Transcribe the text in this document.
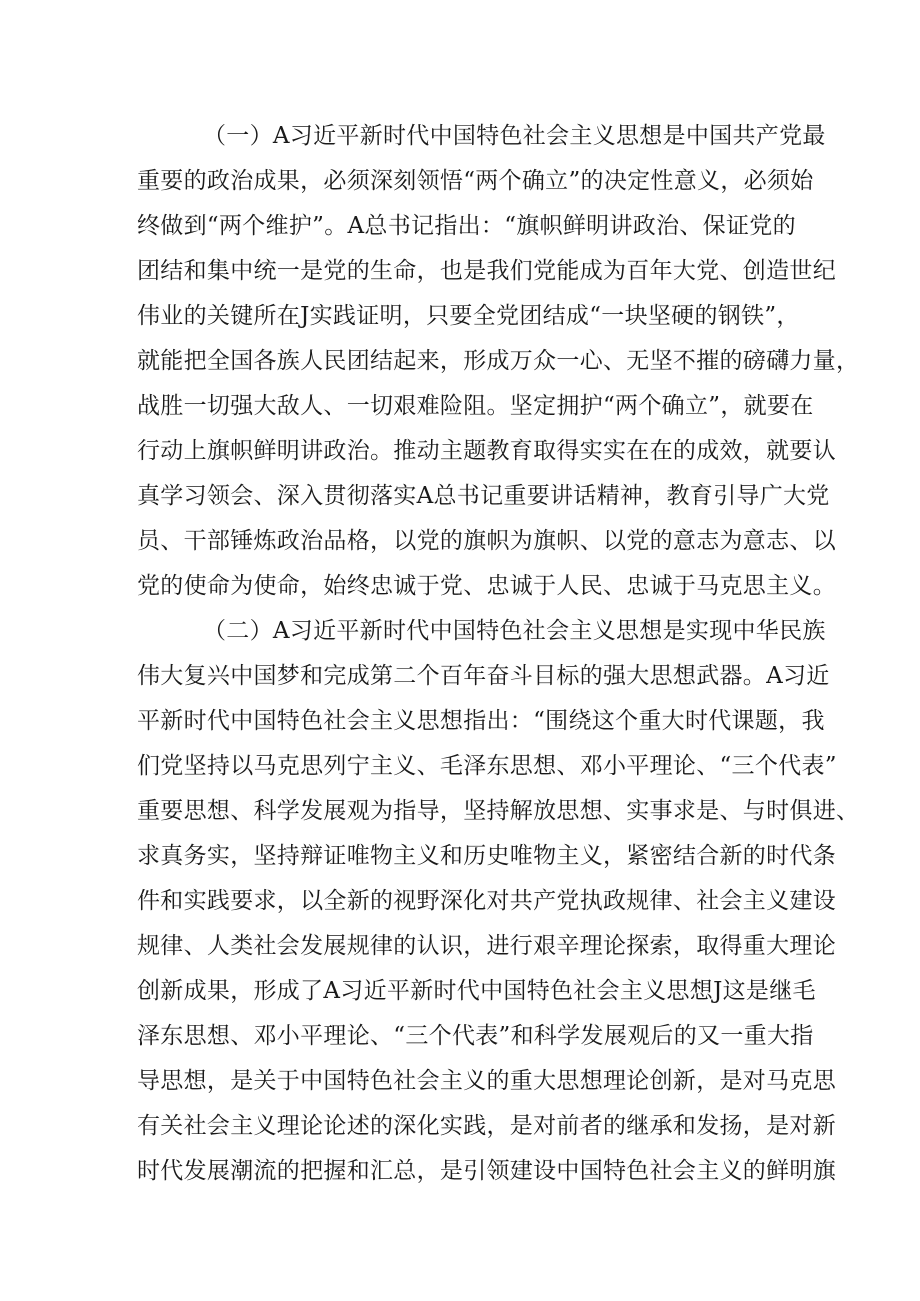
（一）A习近平新时代中国特色社会主义思想是中国共产党最
重要的政治成果，必须深刻领悟“两个确立”的决定性意义，必须始
终做到“两个维护”。A总书记指出：“旗帜鲜明讲政治、保证党的
团结和集中统一是党的生命，也是我们党能成为百年大党、创造世纪
伟业的关键所在J实践证明，只要全党团结成“一块坚硬的钢铁”，
就能把全国各族人民团结起来，形成万众一心、无坚不摧的磅礴力量，
战胜一切强大敌人、一切艰难险阻。坚定拥护“两个确立”，就要在
行动上旗帜鲜明讲政治。推动主题教育取得实实在在的成效，就要认
真学习领会、深入贯彻落实A总书记重要讲话精神，教育引导广大党
员、干部锤炼政治品格，以党的旗帜为旗帜、以党的意志为意志、以
党的使命为使命，始终忠诚于党、忠诚于人民、忠诚于马克思主义。
（二）A习近平新时代中国特色社会主义思想是实现中华民族
伟大复兴中国梦和完成第二个百年奋斗目标的强大思想武器。A习近
平新时代中国特色社会主义思想指出：“围绕这个重大时代课题，我
们党坚持以马克思列宁主义、毛泽东思想、邓小平理论、“三个代表”
重要思想、科学发展观为指导，坚持解放思想、实事求是、与时俱进、
求真务实，坚持辩证唯物主义和历史唯物主义，紧密结合新的时代条
件和实践要求，以全新的视野深化对共产党执政规律、社会主义建设
规律、人类社会发展规律的认识，进行艰辛理论探索，取得重大理论
创新成果，形成了A习近平新时代中国特色社会主义思想J这是继毛
泽东思想、邓小平理论、“三个代表”和科学发展观后的又一重大指
导思想，是关于中国特色社会主义的重大思想理论创新，是对马克思
有关社会主义理论论述的深化实践，是对前者的继承和发扬，是对新
时代发展潮流的把握和汇总，是引领建设中国特色社会主义的鲜明旗
